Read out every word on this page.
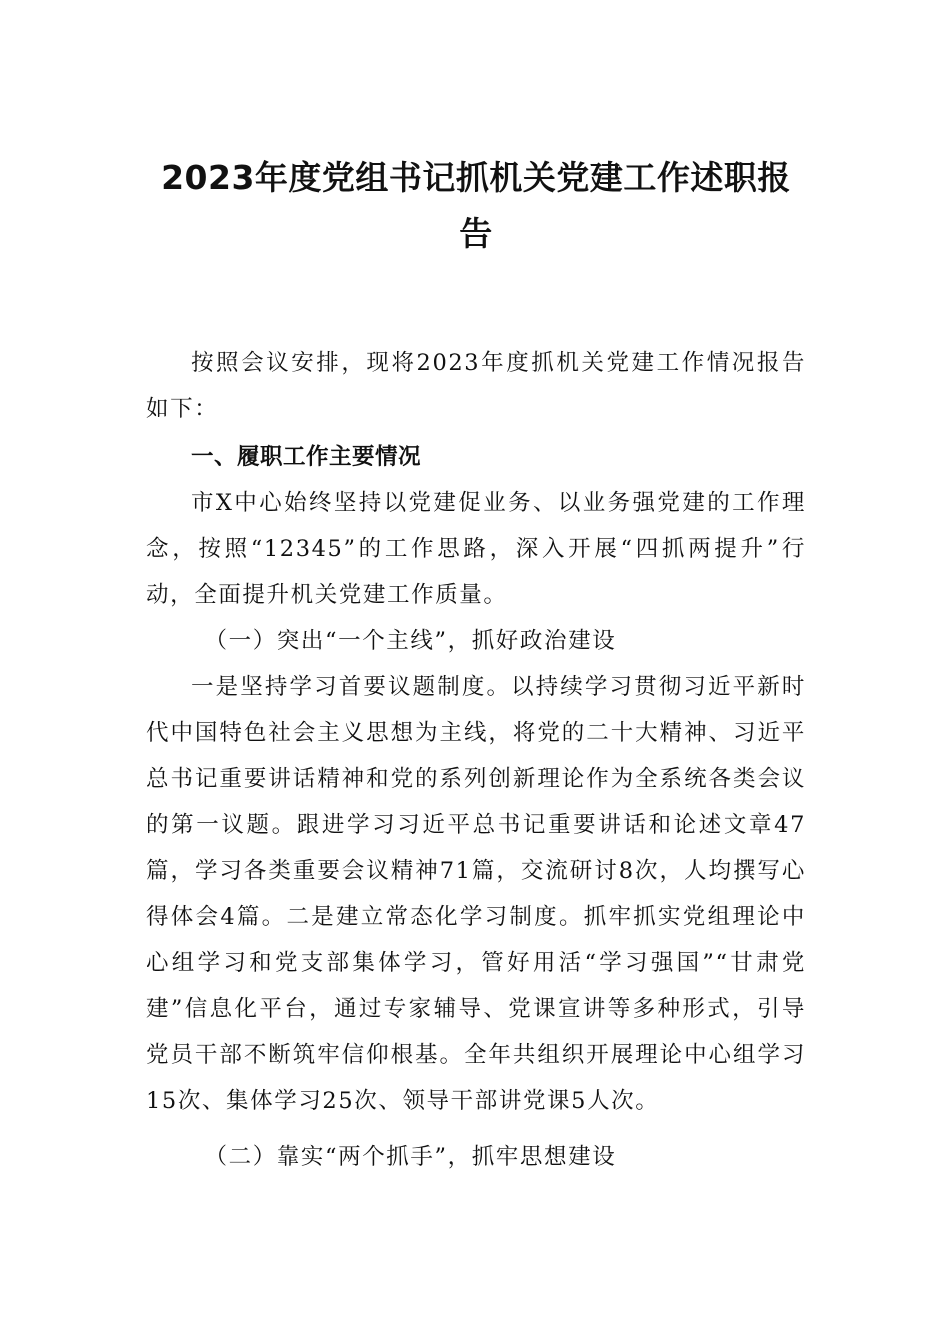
2023年度党组书记抓机关党建工作述职报告

按照会议安排，现将2023年度抓机关党建工作情况报告如下：

一、履职工作主要情况

市X中心始终坚持以党建促业务、以业务强党建的工作理念，按照“12345”的工作思路，深入开展“四抓两提升”行动，全面提升机关党建工作质量。

（一）突出“一个主线”，抓好政治建设

一是坚持学习首要议题制度。以持续学习贯彻习近平新时代中国特色社会主义思想为主线，将党的二十大精神、习近平总书记重要讲话精神和党的系列创新理论作为全系统各类会议的第一议题。跟进学习习近平总书记重要讲话和论述文章47篇，学习各类重要会议精神71篇，交流研讨8次，人均撰写心得体会4篇。二是建立常态化学习制度。抓牢抓实党组理论中心组学习和党支部集体学习，管好用活“学习强国”“甘肃党建”信息化平台，通过专家辅导、党课宣讲等多种形式，引导党员干部不断筑牢信仰根基。全年共组织开展理论中心组学习15次、集体学习25次、领导干部讲党课5人次。

（二）靠实“两个抓手”，抓牢思想建设
